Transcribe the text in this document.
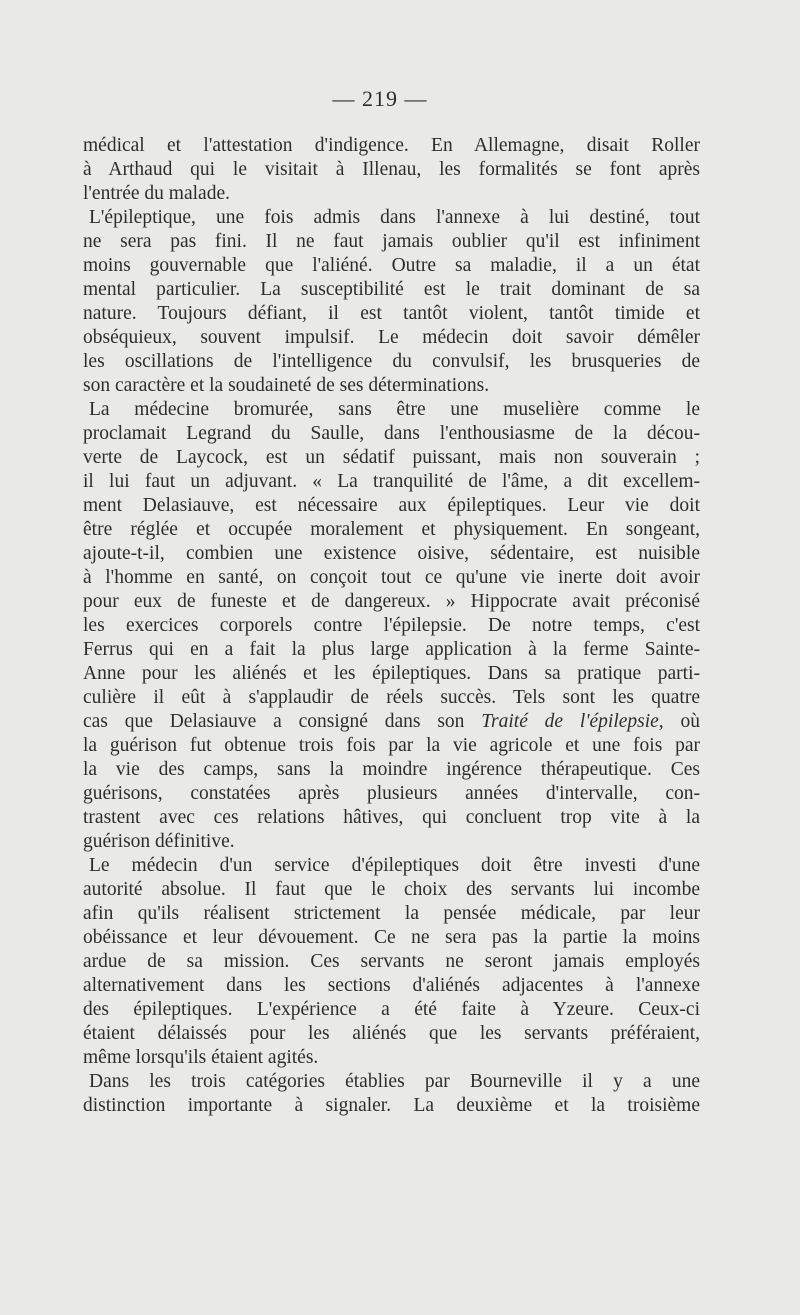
— 219 —
médical et l'attestation d'indigence. En Allemagne, disait Roller
à Arthaud qui le visitait à Illenau, les formalités se font après
l'entrée du malade.
L'épileptique, une fois admis dans l'annexe à lui destiné, tout
ne sera pas fini. Il ne faut jamais oublier qu'il est infiniment
moins gouvernable que l'aliéné. Outre sa maladie, il a un état
mental particulier. La susceptibilité est le trait dominant de sa
nature. Toujours défiant, il est tantôt violent, tantôt timide et
obséquieux, souvent impulsif. Le médecin doit savoir démêler
les oscillations de l'intelligence du convulsif, les brusqueries de
son caractère et la soudaineté de ses déterminations.
La médecine bromurée, sans être une muselière comme le
proclamait Legrand du Saulle, dans l'enthousiasme de la décou-
verte de Laycock, est un sédatif puissant, mais non souverain ;
il lui faut un adjuvant. « La tranquilité de l'âme, a dit excellem-
ment Delasiauve, est nécessaire aux épileptiques. Leur vie doit
être réglée et occupée moralement et physiquement. En songeant,
ajoute-t-il, combien une existence oisive, sédentaire, est nuisible
à l'homme en santé, on conçoit tout ce qu'une vie inerte doit avoir
pour eux de funeste et de dangereux. » Hippocrate avait préconisé
les exercices corporels contre l'épilepsie. De notre temps, c'est
Ferrus qui en a fait la plus large application à la ferme Sainte-
Anne pour les aliénés et les épileptiques. Dans sa pratique parti-
culière il eût à s'applaudir de réels succès. Tels sont les quatre
cas que Delasiauve a consigné dans son Traité de l'épilepsie, où
la guérison fut obtenue trois fois par la vie agricole et une fois par
la vie des camps, sans la moindre ingérence thérapeutique. Ces
guérisons, constatées après plusieurs années d'intervalle, con-
trastent avec ces relations hâtives, qui concluent trop vite à la
guérison définitive.
Le médecin d'un service d'épileptiques doit être investi d'une
autorité absolue. Il faut que le choix des servants lui incombe
afin qu'ils réalisent strictement la pensée médicale, par leur
obéissance et leur dévouement. Ce ne sera pas la partie la moins
ardue de sa mission. Ces servants ne seront jamais employés
alternativement dans les sections d'aliénés adjacentes à l'annexe
des épileptiques. L'expérience a été faite à Yzeure. Ceux-ci
étaient délaissés pour les aliénés que les servants préféraient,
même lorsqu'ils étaient agités.
Dans les trois catégories établies par Bourneville il y a une
distinction importante à signaler. La deuxième et la troisième
